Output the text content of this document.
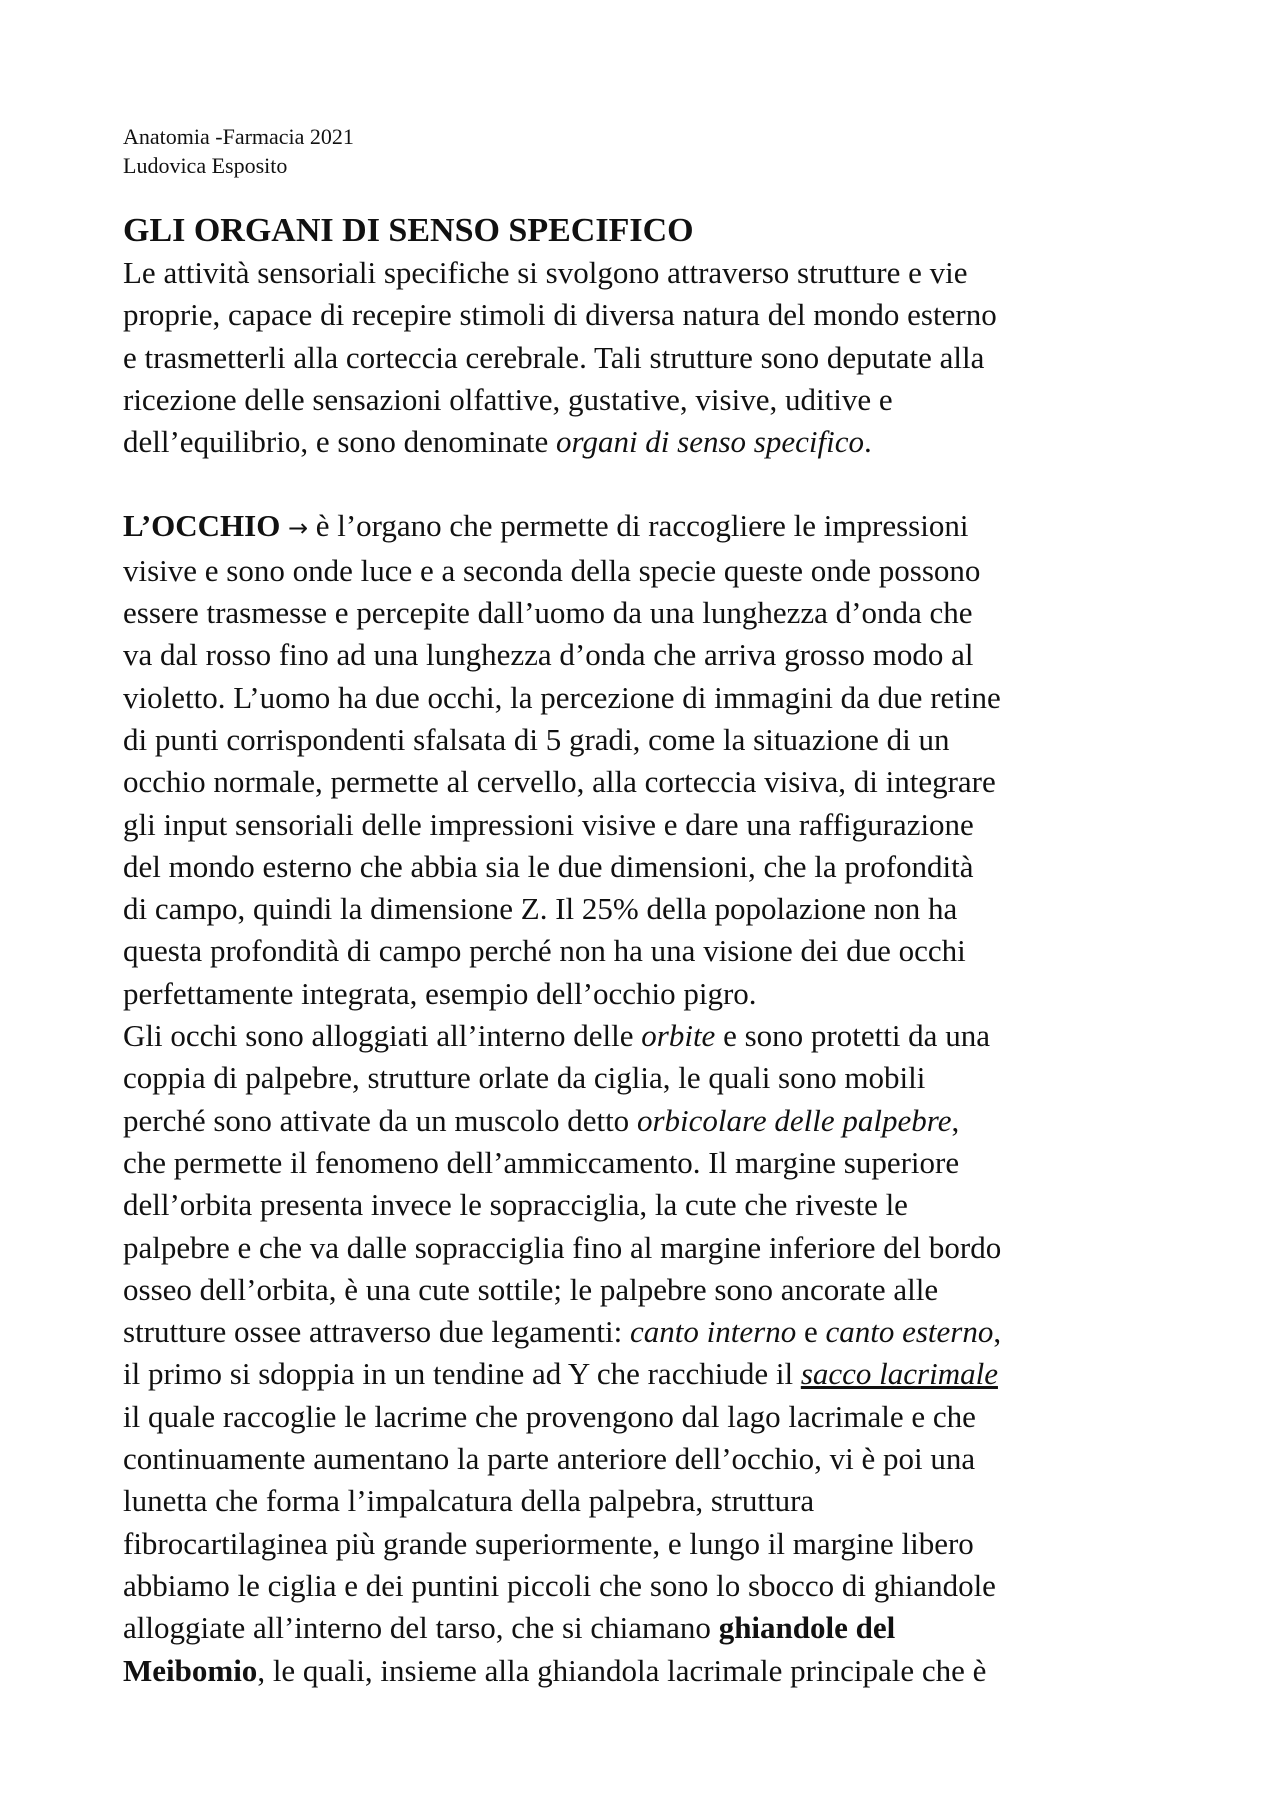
Anatomia -Farmacia 2021
Ludovica Esposito
GLI ORGANI DI SENSO SPECIFICO
Le attività sensoriali specifiche si svolgono attraverso strutture e vie
proprie, capace di recepire stimoli di diversa natura del mondo esterno
e trasmetterli alla corteccia cerebrale. Tali strutture sono deputate alla
ricezione delle sensazioni olfattive, gustative, visive, uditive e
dell’equilibrio, e sono denominate organi di senso specifico.
L’OCCHIO → è l’organo che permette di raccogliere le impressioni
visive e sono onde luce e a seconda della specie queste onde possono
essere trasmesse e percepite dall’uomo da una lunghezza d’onda che
va dal rosso fino ad una lunghezza d’onda che arriva grosso modo al
violetto. L’uomo ha due occhi, la percezione di immagini da due retine
di punti corrispondenti sfalsata di 5 gradi, come la situazione di un
occhio normale, permette al cervello, alla corteccia visiva, di integrare
gli input sensoriali delle impressioni visive e dare una raffigurazione
del mondo esterno che abbia sia le due dimensioni, che la profondità
di campo, quindi la dimensione Z. Il 25% della popolazione non ha
questa profondità di campo perché non ha una visione dei due occhi
perfettamente integrata, esempio dell’occhio pigro.
Gli occhi sono alloggiati all’interno delle orbite e sono protetti da una
coppia di palpebre, strutture orlate da ciglia, le quali sono mobili
perché sono attivate da un muscolo detto orbicolare delle palpebre,
che permette il fenomeno dell’ammiccamento. Il margine superiore
dell’orbita presenta invece le sopracciglia, la cute che riveste le
palpebre e che va dalle sopracciglia fino al margine inferiore del bordo
osseo dell’orbita, è una cute sottile; le palpebre sono ancorate alle
strutture ossee attraverso due legamenti: canto interno e canto esterno,
il primo si sdoppia in un tendine ad Y che racchiude il sacco lacrimale
il quale raccoglie le lacrime che provengono dal lago lacrimale e che
continuamente aumentano la parte anteriore dell’occhio, vi è poi una
lunetta che forma l’impalcatura della palpebra, struttura
fibrocartilaginea più grande superiormente, e lungo il margine libero
abbiamo le ciglia e dei puntini piccoli che sono lo sbocco di ghiandole
alloggiate all’interno del tarso, che si chiamano ghiandole del
Meibomio, le quali, insieme alla ghiandola lacrimale principale che è
